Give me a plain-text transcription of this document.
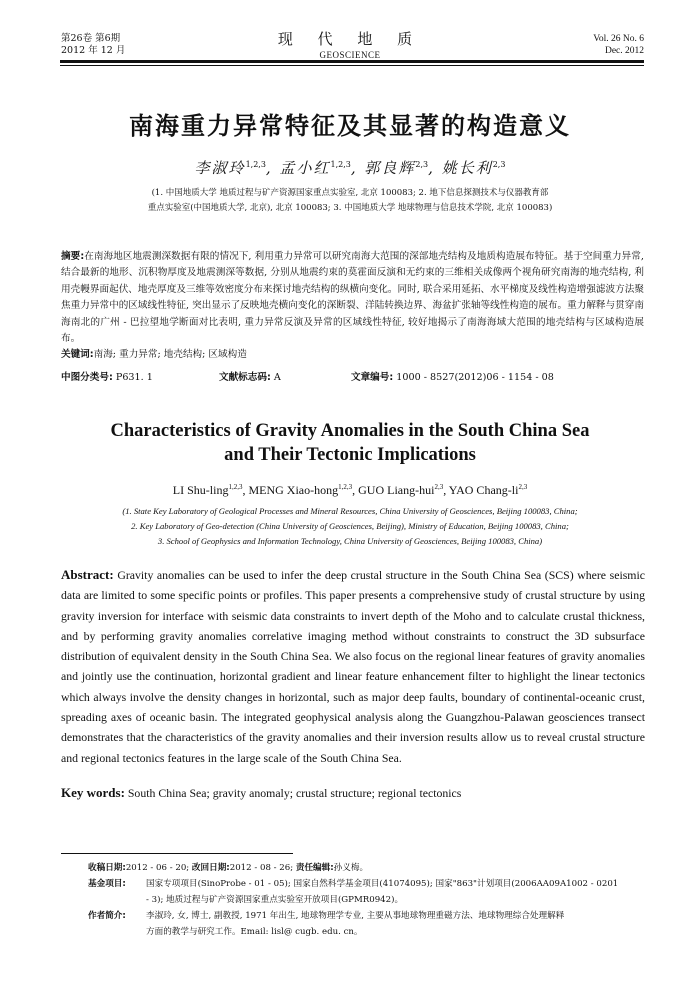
第26卷 第6期
2012 年 12 月
现 代 地 质
GEOSCIENCE
Vol. 26 No. 6
Dec. 2012
南海重力异常特征及其显著的构造意义
李淑玲$^{1,2,3}$, 孟小红$^{1,2,3}$, 郭良辉$^{2,3}$, 姚长利$^{2,3}$
(1. 中国地质大学 地质过程与矿产资源国家重点实验室, 北京 100083; 2. 地下信息探测技术与仪器教育部
重点实验室(中国地质大学, 北京), 北京 100083; 3. 中国地质大学 地球物理与信息技术学院, 北京 100083)
摘要:在南海地区地震测深数据有限的情况下, 利用重力异常可以研究南海大范围的深部地壳结构及地质构造展布特征。基于空间重力异常, 结合最新的地形、沉积物厚度及地震测深等数据, 分别从地震约束的莫霍面反演和无约束的三维相关成像两个视角研究南海的地壳结构, 利用壳幔界面起伏、地壳厚度及三维等效密度分布来探讨地壳结构的纵横向变化。同时, 联合采用延拓、水平梯度及线性构造增强滤波方法聚焦重力异常中的区域线性特征, 突出显示了反映地壳横向变化的深断裂、洋陆转换边界、海盆扩张轴等线性构造的展布。重力解释与贯穿南海南北的广州 - 巴拉望地学断面对比表明, 重力异常反演及异常的区域线性特征, 较好地揭示了南海海域大范围的地壳结构与区域构造展布。
关键词:南海; 重力异常; 地壳结构; 区域构造
中图分类号: P631. 1	文献标志码: A	文章编号: 1000 - 8527(2012)06 - 1154 - 08
Characteristics of Gravity Anomalies in the South China Sea
and Their Tectonic Implications
LI Shu-ling$^{1,2,3}$, MENG Xiao-hong$^{1,2,3}$, GUO Liang-hui$^{2,3}$, YAO Chang-li$^{2,3}$
(1. State Key Laboratory of Geological Processes and Mineral Resources, China University of Geosciences, Beijing 100083, China;
2. Key Laboratory of Geo-detection (China University of Geosciences, Beijing), Ministry of Education, Beijing 100083, China;
3. School of Geophysics and Information Technology, China University of Geosciences, Beijing 100083, China)
Abstract: Gravity anomalies can be used to infer the deep crustal structure in the South China Sea (SCS) where seismic data are limited to some specific points or profiles. This paper presents a comprehensive study of crustal structure by using gravity inversion for interface with seismic data constraints to invert depth of the Moho and to calculate crustal thickness, and by performing gravity anomalies correlative imaging method without constraints to construct the 3D subsurface distribution of equivalent density in the South China Sea. We also focus on the regional linear features of gravity anomalies and jointly use the continuation, horizontal gradient and linear feature enhancement filter to highlight the linear tectonics which always involve the density changes in horizontal, such as major deep faults, boundary of continental-oceanic crust, spreading axes of oceanic basin. The integrated geophysical analysis along the Guangzhou-Palawan geosciences transect demonstrates that the characteristics of the gravity anomalies and their inversion results allow us to reveal crustal structure and regional tectonics features in the large scale of the South China Sea.
Key words: South China Sea; gravity anomaly; crustal structure; regional tectonics
收稿日期:2012 - 06 - 20; 改回日期:2012 - 08 - 26; 责任编辑:孙义梅。
基金项目: 国家专项项目(SinoProbe - 01 - 05); 国家自然科学基金项目(41074095); 国家"863"计划项目(2006AA09A1002 - 0201
- 3); 地质过程与矿产资源国家重点实验室开放项目(GPMR0942)。
作者简介: 李淑玲, 女, 博士, 副教授, 1971 年出生, 地球物理学专业, 主要从事地球物理重磁方法、地球物理综合处理解释
方面的教学与研究工作。Email: lisl@ cugb. edu. cn。
